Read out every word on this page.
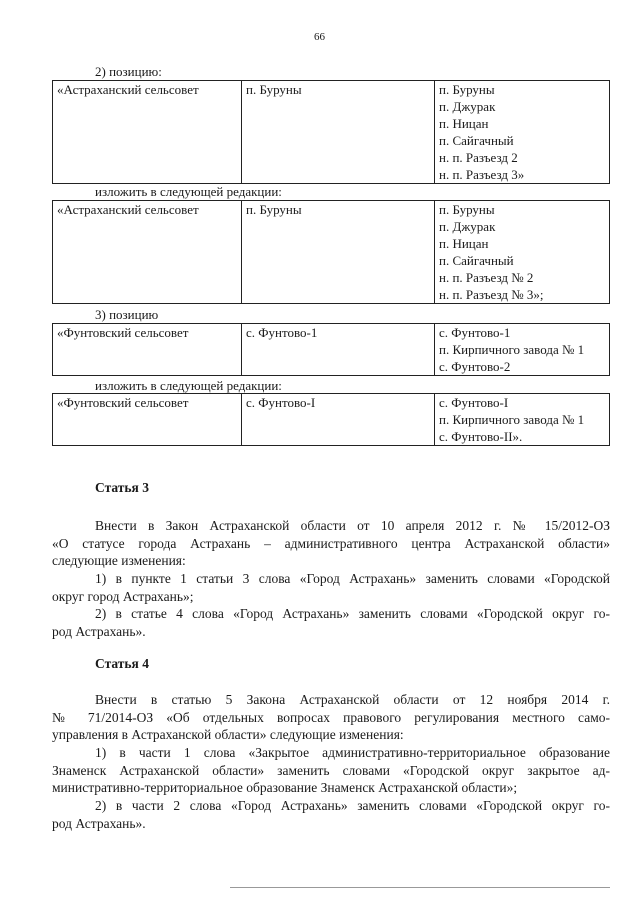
66
2) позицию:
«Астраханский сельсовет	п. Буруны	п. Буруны
п. Джурак
п. Ницан
п. Сайгачный
н. п. Разъезд 2
н. п. Разъезд 3»
изложить в следующей редакции:
«Астраханский сельсовет	п. Буруны	п. Буруны
п. Джурак
п. Ницан
п. Сайгачный
н. п. Разъезд № 2
н. п. Разъезд № 3»;
3) позицию
«Фунтовский сельсовет	с. Фунтово-1	с. Фунтово-1
п. Кирпичного завода № 1
с. Фунтово-2
изложить в следующей редакции:
«Фунтовский сельсовет	с. Фунтово-I	с. Фунтово-I
п. Кирпичного завода № 1
с. Фунтово-II».
Статья 3
Внести в Закон Астраханской области от 10 апреля 2012 г. № 15/2012-ОЗ
«О статусе города Астрахань – административного центра Астраханской области»
следующие изменения:
1) в пункте 1 статьи 3 слова «Город Астрахань» заменить словами «Городской
округ город Астрахань»;
2) в статье 4 слова «Город Астрахань» заменить словами «Городской округ го-
род Астрахань».
Статья 4
Внести в статью 5 Закона Астраханской области от 12 ноября 2014 г.
№ 71/2014-ОЗ «Об отдельных вопросах правового регулирования местного само-
управления в Астраханской области» следующие изменения:
1) в части 1 слова «Закрытое административно-территориальное образование
Знаменск Астраханской области» заменить словами «Городской округ закрытое ад-
министративно-территориальное образование Знаменск Астраханской области»;
2) в части 2 слова «Город Астрахань» заменить словами «Городской округ го-
род Астрахань».
